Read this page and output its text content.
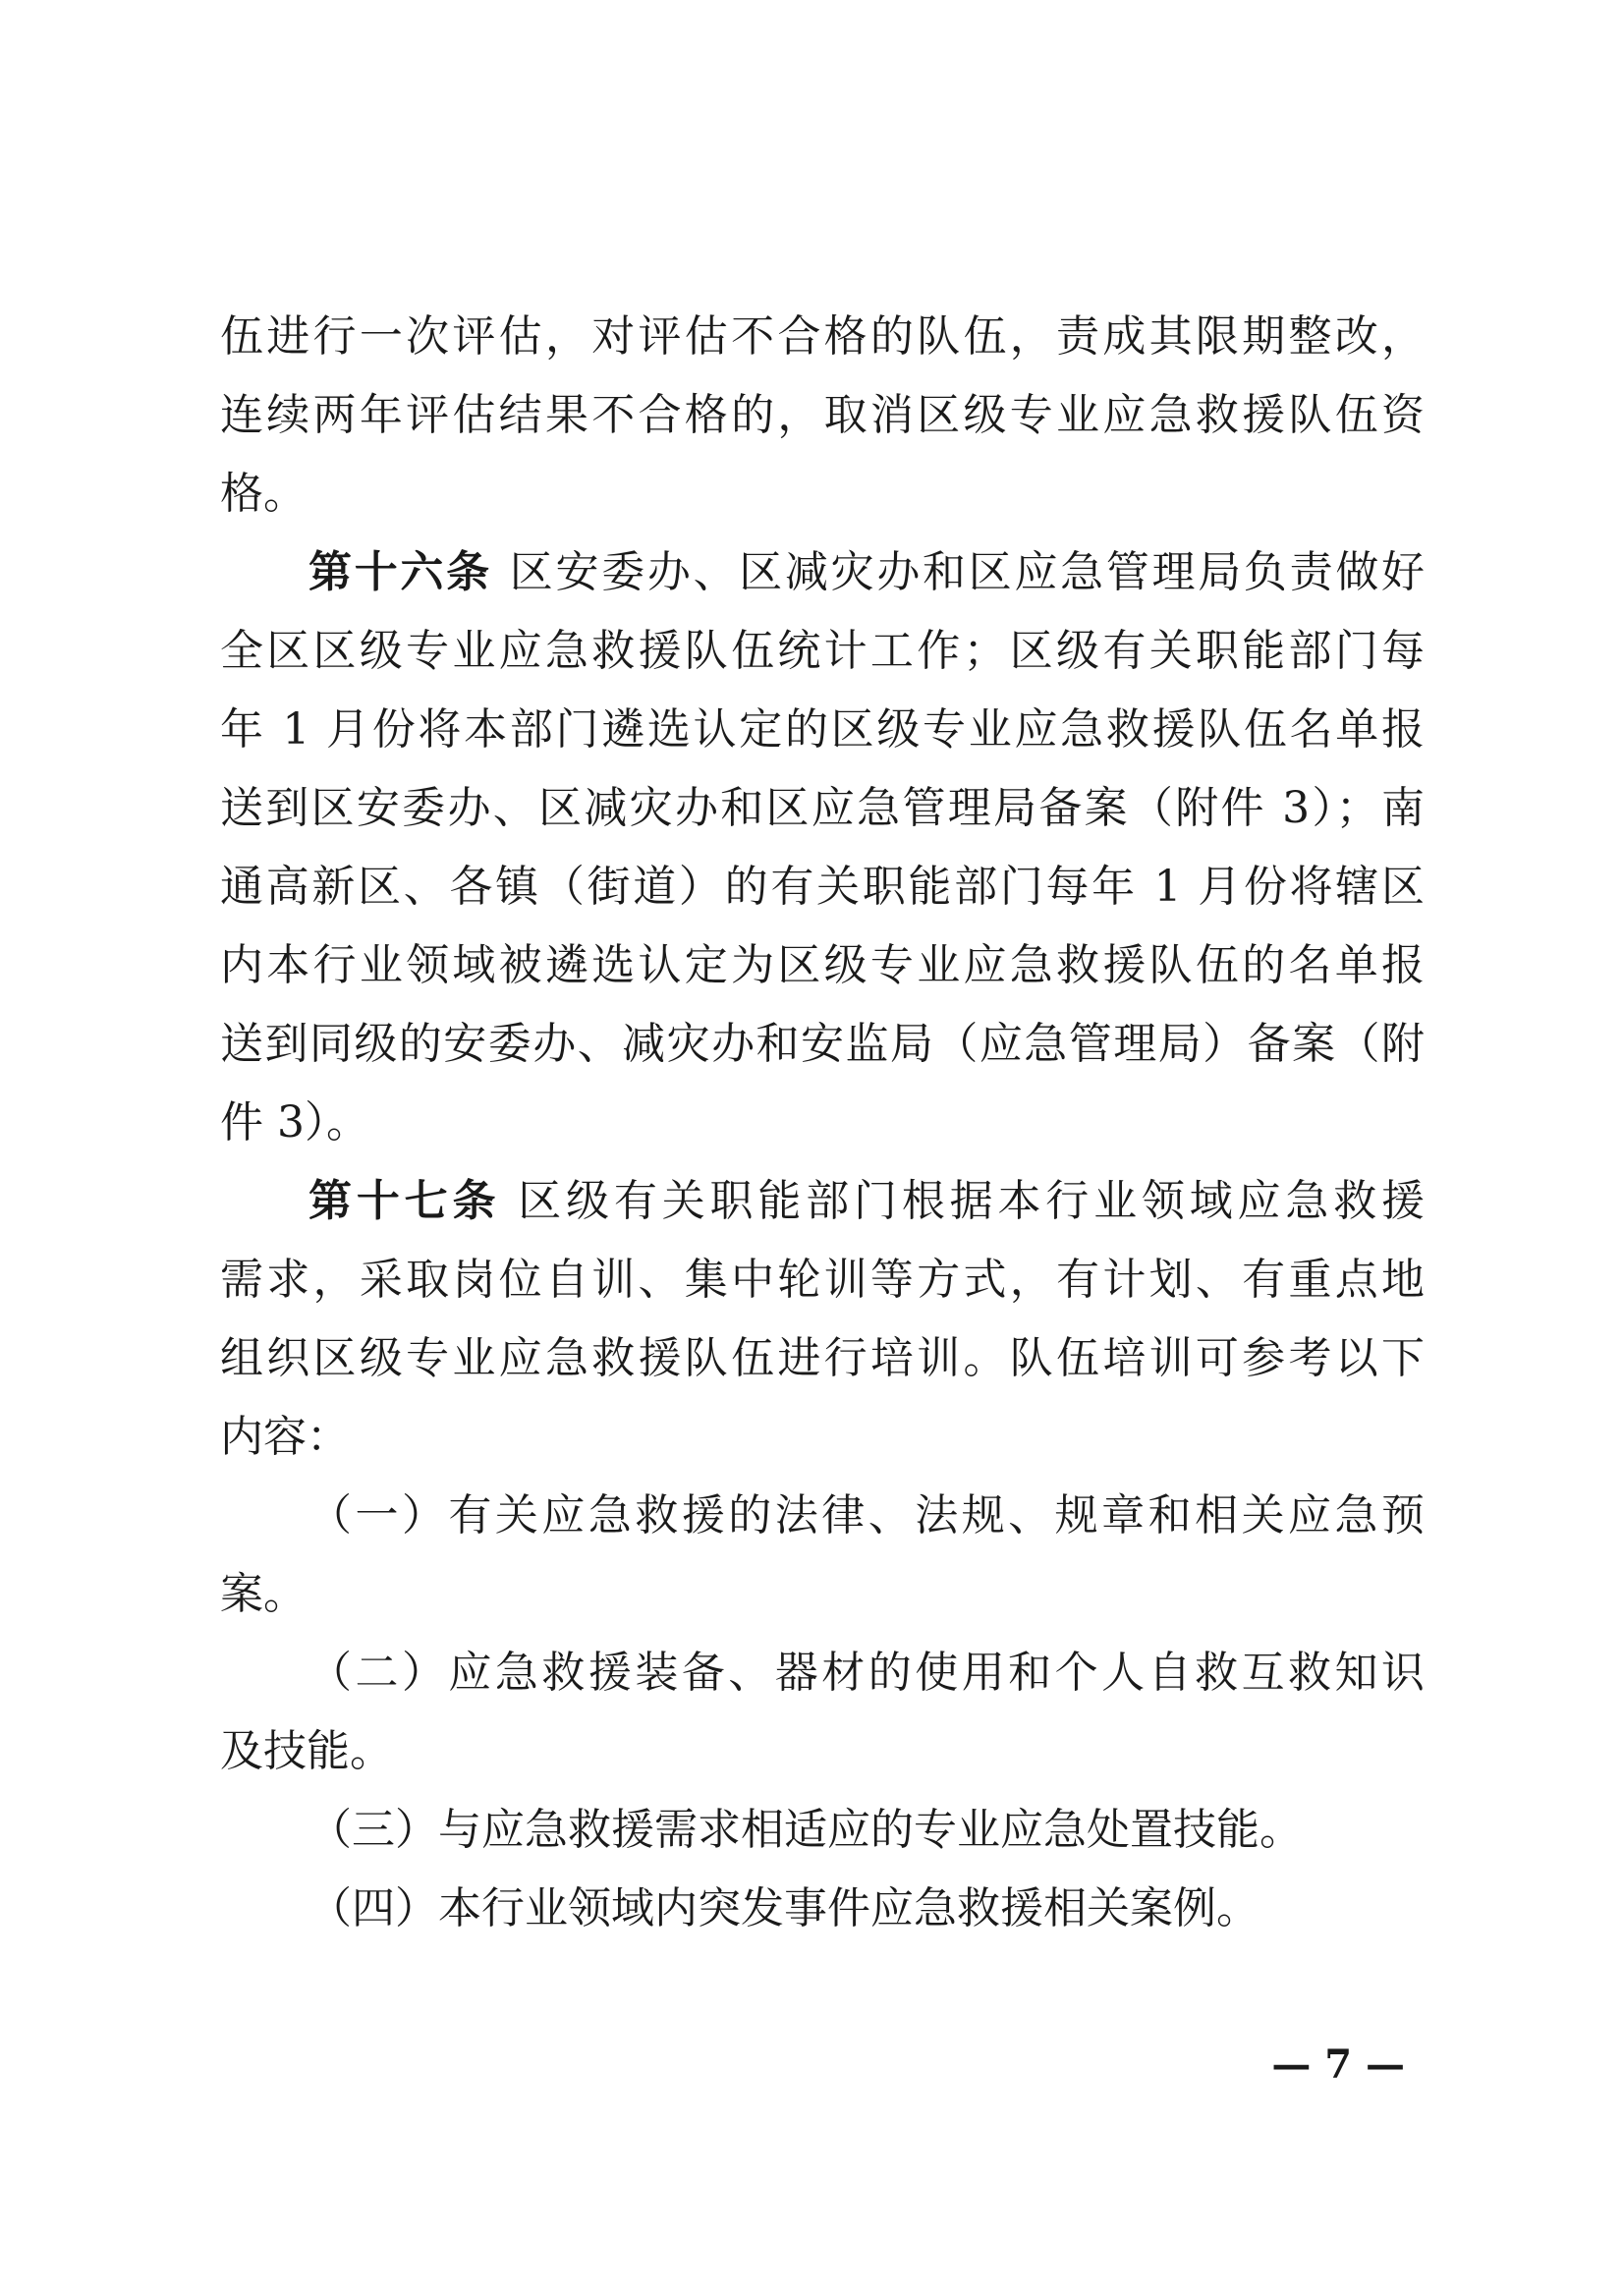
伍进行一次评估，对评估不合格的队伍，责成其限期整改，
连续两年评估结果不合格的，取消区级专业应急救援队伍资
格。
第十六条 区安委办、区减灾办和区应急管理局负责做好
全区区级专业应急救援队伍统计工作；区级有关职能部门每
年 1 月份将本部门遴选认定的区级专业应急救援队伍名单报
送到区安委办、区减灾办和区应急管理局备案（附件 3）；南
通高新区、各镇（街道）的有关职能部门每年 1 月份将辖区
内本行业领域被遴选认定为区级专业应急救援队伍的名单报
送到同级的安委办、减灾办和安监局（应急管理局）备案（附
件 3）。
第十七条 区级有关职能部门根据本行业领域应急救援
需求，采取岗位自训、集中轮训等方式，有计划、有重点地
组织区级专业应急救援队伍进行培训。队伍培训可参考以下
内容：
（一）有关应急救援的法律、法规、规章和相关应急预
案。
（二）应急救援装备、器材的使用和个人自救互救知识
及技能。
（三）与应急救援需求相适应的专业应急处置技能。
（四）本行业领域内突发事件应急救援相关案例。
— 7 —
